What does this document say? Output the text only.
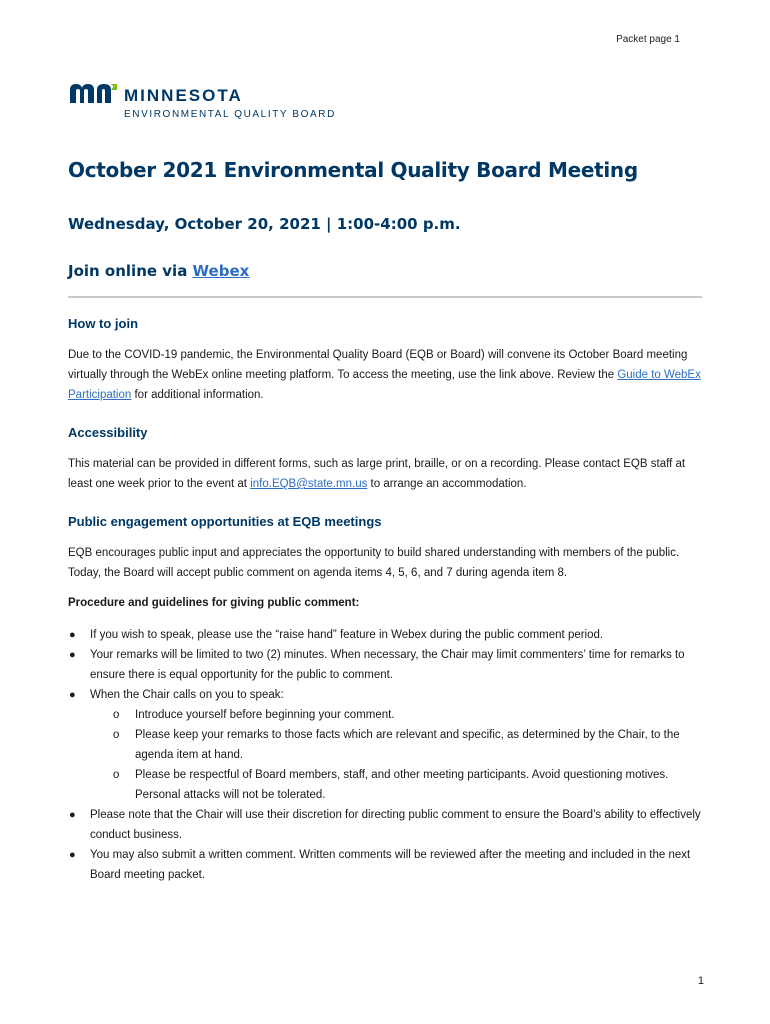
Packet page 1
MINNESOTA
ENVIRONMENTAL QUALITY BOARD
October 2021 Environmental Quality Board Meeting
Wednesday, October 20, 2021 | 1:00-4:00 p.m.
Join online via Webex
How to join

Due to the COVID-19 pandemic, the Environmental Quality Board (EQB or Board) will convene its October Board meeting virtually through the WebEx online meeting platform. To access the meeting, use the link above. Review the Guide to WebEx Participation for additional information.

Accessibility

This material can be provided in different forms, such as large print, braille, or on a recording. Please contact EQB staff at least one week prior to the event at info.EQB@state.mn.us to arrange an accommodation.

Public engagement opportunities at EQB meetings

EQB encourages public input and appreciates the opportunity to build shared understanding with members of the public. Today, the Board will accept public comment on agenda items 4, 5, 6, and 7 during agenda item 8.

Procedure and guidelines for giving public comment:
● If you wish to speak, please use the “raise hand” feature in Webex during the public comment period.
● Your remarks will be limited to two (2) minutes. When necessary, the Chair may limit commenters’ time for remarks to ensure there is equal opportunity for the public to comment.
● When the Chair calls on you to speak:
o Introduce yourself before beginning your comment.
o Please keep your remarks to those facts which are relevant and specific, as determined by the Chair, to the agenda item at hand.
o Please be respectful of Board members, staff, and other meeting participants. Avoid questioning motives. Personal attacks will not be tolerated.
● Please note that the Chair will use their discretion for directing public comment to ensure the Board’s ability to effectively conduct business.
● You may also submit a written comment. Written comments will be reviewed after the meeting and included in the next Board meeting packet.
1
